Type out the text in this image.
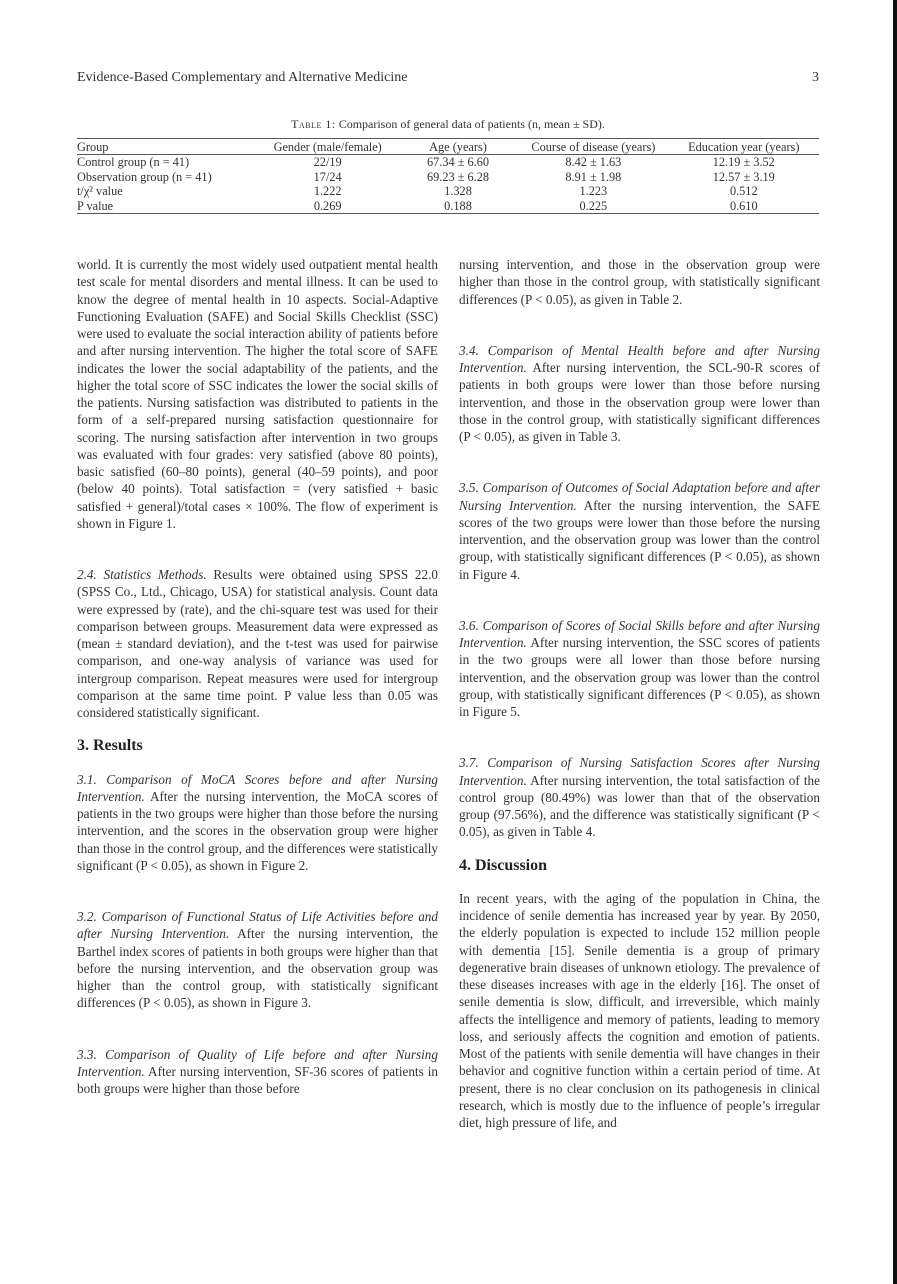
Evidence-Based Complementary and Alternative Medicine	3
Table 1: Comparison of general data of patients (n, mean ± SD).
Group	Gender (male/female)	Age (years)	Course of disease (years)	Education year (years)
Control group (n = 41)	22/19	67.34 ± 6.60	8.42 ± 1.63	12.19 ± 3.52
Observation group (n = 41)	17/24	69.23 ± 6.28	8.91 ± 1.98	12.57 ± 3.19
t/χ² value	1.222	1.328	1.223	0.512
P value	0.269	0.188	0.225	0.610

world. It is currently the most widely used outpatient mental health test scale for mental disorders and mental illness. It can be used to know the degree of mental health in 10 aspects. Social-Adaptive Functioning Evaluation (SAFE) and Social Skills Checklist (SSC) were used to evaluate the social interaction ability of patients before and after nursing intervention. The higher the total score of SAFE indicates the lower the social adaptability of the patients, and the higher the total score of SSC indicates the lower the social skills of the patients. Nursing satisfaction was distributed to patients in the form of a self-prepared nursing satisfaction questionnaire for scoring. The nursing satisfaction after intervention in two groups was evaluated with four grades: very satisfied (above 80 points), basic satisfied (60–80 points), general (40–59 points), and poor (below 40 points). Total satisfaction = (very satisfied + basic satisfied + general)/total cases × 100%. The flow of experiment is shown in Figure 1.

2.4. Statistics Methods. Results were obtained using SPSS 22.0 (SPSS Co., Ltd., Chicago, USA) for statistical analysis. Count data were expressed by (rate), and the chi-square test was used for their comparison between groups. Measurement data were expressed as (mean ± standard deviation), and the t-test was used for pairwise comparison, and one-way analysis of variance was used for intergroup comparison. Repeat measures were used for intergroup comparison at the same time point. P value less than 0.05 was considered statistically significant.

3. Results

3.1. Comparison of MoCA Scores before and after Nursing Intervention. After the nursing intervention, the MoCA scores of patients in the two groups were higher than those before the nursing intervention, and the scores in the observation group were higher than those in the control group, and the differences were statistically significant (P < 0.05), as shown in Figure 2.

3.2. Comparison of Functional Status of Life Activities before and after Nursing Intervention. After the nursing intervention, the Barthel index scores of patients in both groups were higher than that before the nursing intervention, and the observation group was higher than the control group, with statistically significant differences (P < 0.05), as shown in Figure 3.

3.3. Comparison of Quality of Life before and after Nursing Intervention. After nursing intervention, SF-36 scores of patients in both groups were higher than those before

nursing intervention, and those in the observation group were higher than those in the control group, with statistically significant differences (P < 0.05), as given in Table 2.

3.4. Comparison of Mental Health before and after Nursing Intervention. After nursing intervention, the SCL-90-R scores of patients in both groups were lower than those before nursing intervention, and those in the observation group were lower than those in the control group, with statistically significant differences (P < 0.05), as given in Table 3.

3.5. Comparison of Outcomes of Social Adaptation before and after Nursing Intervention. After the nursing intervention, the SAFE scores of the two groups were lower than those before the nursing intervention, and the observation group was lower than the control group, with statistically significant differences (P < 0.05), as shown in Figure 4.

3.6. Comparison of Scores of Social Skills before and after Nursing Intervention. After nursing intervention, the SSC scores of patients in the two groups were all lower than those before nursing intervention, and the observation group was lower than the control group, with statistically significant differences (P < 0.05), as shown in Figure 5.

3.7. Comparison of Nursing Satisfaction Scores after Nursing Intervention. After nursing intervention, the total satisfaction of the control group (80.49%) was lower than that of the observation group (97.56%), and the difference was statistically significant (P < 0.05), as given in Table 4.

4. Discussion

In recent years, with the aging of the population in China, the incidence of senile dementia has increased year by year. By 2050, the elderly population is expected to include 152 million people with dementia [15]. Senile dementia is a group of primary degenerative brain diseases of unknown etiology. The prevalence of these diseases increases with age in the elderly [16]. The onset of senile dementia is slow, difficult, and irreversible, which mainly affects the intelligence and memory of patients, leading to memory loss, and seriously affects the cognition and emotion of patients. Most of the patients with senile dementia will have changes in their behavior and cognitive function within a certain period of time. At present, there is no clear conclusion on its pathogenesis in clinical research, which is mostly due to the influence of people’s irregular diet, high pressure of life, and
